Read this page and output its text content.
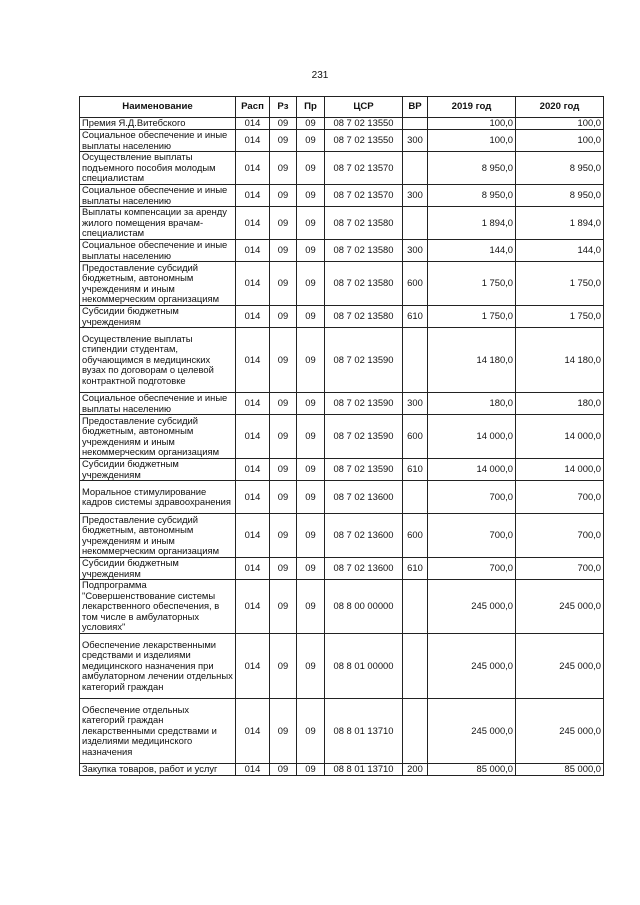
231
Наименование	Расп	Рз	Пр	ЦСР	ВР	2019 год	2020 год
Премия Я.Д.Витебского	014	09	09	08 7 02 13550		100,0	100,0
Социальное обеспечение и иные выплаты населению	014	09	09	08 7 02 13550	300	100,0	100,0
Осуществление выплаты подъемного пособия молодым специалистам	014	09	09	08 7 02 13570		8 950,0	8 950,0
Социальное обеспечение и иные выплаты населению	014	09	09	08 7 02 13570	300	8 950,0	8 950,0
Выплаты компенсации за аренду жилого помещения врачам-специалистам	014	09	09	08 7 02 13580		1 894,0	1 894,0
Социальное обеспечение и иные выплаты населению	014	09	09	08 7 02 13580	300	144,0	144,0
Предоставление субсидий бюджетным, автономным учреждениям и иным некоммерческим организациям	014	09	09	08 7 02 13580	600	1 750,0	1 750,0
Субсидии бюджетным учреждениям	014	09	09	08 7 02 13580	610	1 750,0	1 750,0
Осуществление выплаты стипендии студентам, обучающимся в медицинских вузах по договорам о целевой контрактной подготовке	014	09	09	08 7 02 13590		14 180,0	14 180,0
Социальное обеспечение и иные выплаты населению	014	09	09	08 7 02 13590	300	180,0	180,0
Предоставление субсидий бюджетным, автономным учреждениям и иным некоммерческим организациям	014	09	09	08 7 02 13590	600	14 000,0	14 000,0
Субсидии бюджетным учреждениям	014	09	09	08 7 02 13590	610	14 000,0	14 000,0
Моральное стимулирование кадров системы здравоохранения	014	09	09	08 7 02 13600		700,0	700,0
Предоставление субсидий бюджетным, автономным учреждениям и иным некоммерческим организациям	014	09	09	08 7 02 13600	600	700,0	700,0
Субсидии бюджетным учреждениям	014	09	09	08 7 02 13600	610	700,0	700,0
Подпрограмма "Совершенствование системы лекарственного обеспечения, в том числе в амбулаторных условиях"	014	09	09	08 8 00 00000		245 000,0	245 000,0
Обеспечение лекарственными средствами и изделиями медицинского назначения при амбулаторном лечении отдельных категорий граждан	014	09	09	08 8 01 00000		245 000,0	245 000,0
Обеспечение отдельных категорий граждан лекарственными средствами и изделиями медицинского назначения	014	09	09	08 8 01 13710		245 000,0	245 000,0
Закупка товаров, работ и услуг	014	09	09	08 8 01 13710	200	85 000,0	85 000,0
